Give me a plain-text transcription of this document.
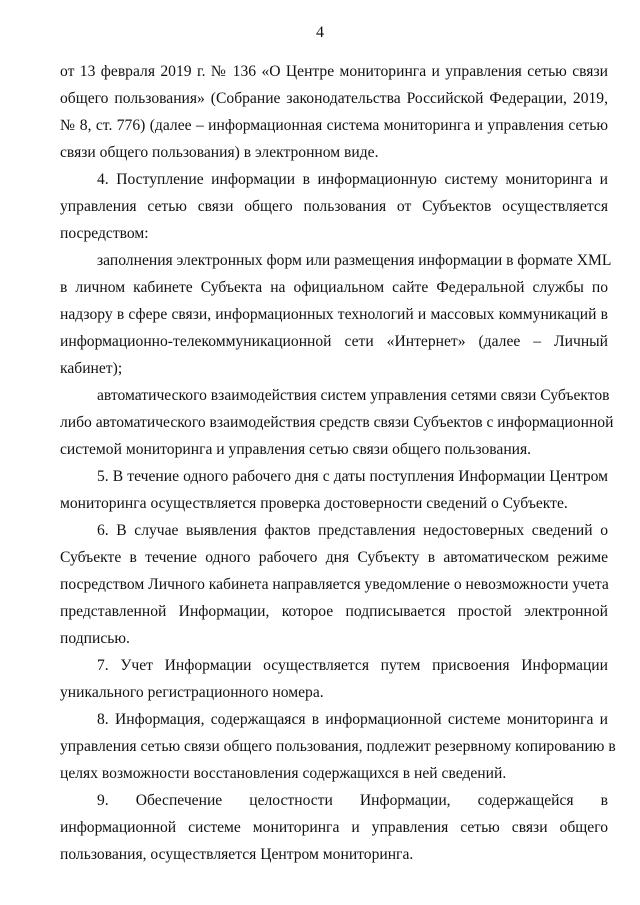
4
от 13 февраля 2019 г. № 136 «О Центре мониторинга и управления сетью связи
общего пользования» (Собрание законодательства Российской Федерации, 2019,
№ 8, ст. 776) (далее – информационная система мониторинга и управления сетью
связи общего пользования) в электронном виде.
4. Поступление информации в информационную систему мониторинга и
управления сетью связи общего пользования от Субъектов осуществляется
посредством:
заполнения электронных форм или размещения информации в формате XML
в личном кабинете Субъекта на официальном сайте Федеральной службы по
надзору в сфере связи, информационных технологий и массовых коммуникаций в
информационно-телекоммуникационной сети «Интернет» (далее – Личный
кабинет);
автоматического взаимодействия систем управления сетями связи Субъектов
либо автоматического взаимодействия средств связи Субъектов с информационной
системой мониторинга и управления сетью связи общего пользования.
5. В течение одного рабочего дня с даты поступления Информации Центром
мониторинга осуществляется проверка достоверности сведений о Субъекте.
6. В случае выявления фактов представления недостоверных сведений о
Субъекте в течение одного рабочего дня Субъекту в автоматическом режиме
посредством Личного кабинета направляется уведомление о невозможности учета
представленной Информации, которое подписывается простой электронной
подписью.
7. Учет Информации осуществляется путем присвоения Информации
уникального регистрационного номера.
8. Информация, содержащаяся в информационной системе мониторинга и
управления сетью связи общего пользования, подлежит резервному копированию в
целях возможности восстановления содержащихся в ней сведений.
9. Обеспечение целостности Информации, содержащейся в
информационной системе мониторинга и управления сетью связи общего
пользования, осуществляется Центром мониторинга.
